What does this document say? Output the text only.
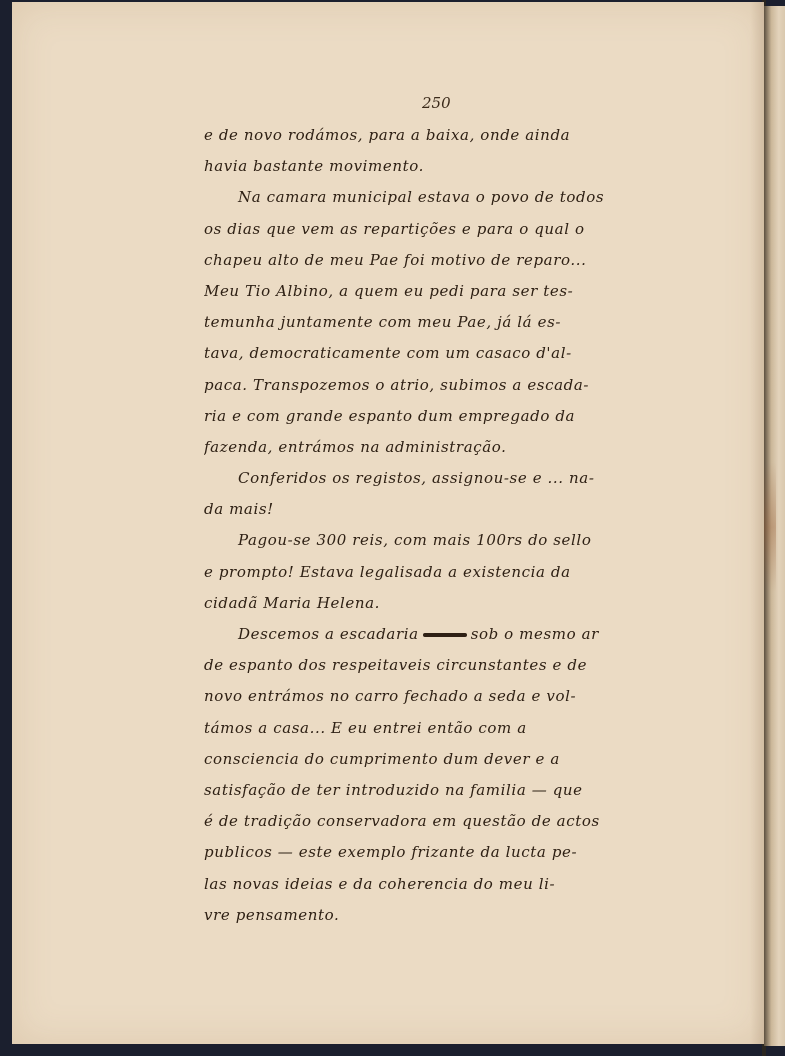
250
e de novo rodámos, para a baixa, onde ainda
havia bastante movimento.
Na camara municipal estava o povo de todos
os dias que vem as repartições e para o qual o
chapeu alto de meu Pae foi motivo de reparo...
Meu Tio Albino, a quem eu pedi para ser tes-
temunha juntamente com meu Pae, já lá es-
tava, democraticamente com um casaco d'al-
paca. Transpozemos o atrio, subimos a escada-
ria e com grande espanto dum empregado da
fazenda, entrámos na administração.
Conferidos os registos, assignou-se e ... na-
da mais!
Pagou-se 300 reis, com mais 100rs do sello
e prompto! Estava legalisada a existencia da
cidadã Maria Helena.
Descemos a escadaria	sob o mesmo ar
de espanto dos respeitaveis circunstantes e de
novo entrámos no carro fechado a seda e vol-
támos a casa... E eu entrei então com a
consciencia do cumprimento dum dever e a
satisfação de ter introduzido na familia — que
é de tradição conservadora em questão de actos
publicos — este exemplo frizante da lucta pe-
las novas ideias e da coherencia do meu li-
vre pensamento.
